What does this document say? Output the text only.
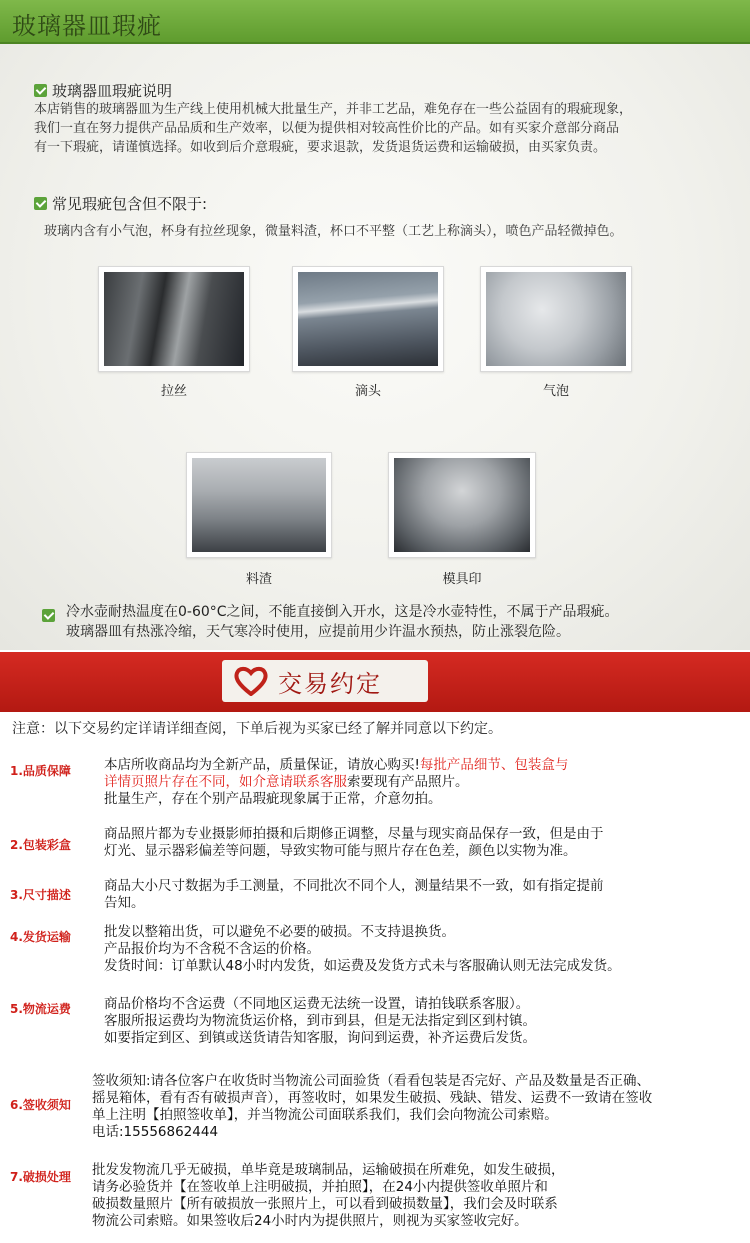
玻璃器皿瑕疵
玻璃器皿瑕疵说明
本店销售的玻璃器皿为生产线上使用机械大批量生产，并非工艺品，难免存在一些公益固有的瑕疵现象，
我们一直在努力提供产品品质和生产效率，以便为提供相对较高性价比的产品。如有买家介意部分商品
有一下瑕疵，请谨慎选择。如收到后介意瑕疵，要求退款，发货退货运费和运输破损，由买家负责。
常见瑕疵包含但不限于:
玻璃内含有小气泡，杯身有拉丝现象，微量料渣，杯口不平整（工艺上称滴头），喷色产品轻微掉色。
拉丝	滴头	气泡
料渣	模具印
冷水壶耐热温度在0-60°C之间，不能直接倒入开水，这是冷水壶特性，不属于产品瑕疵。
玻璃器皿有热涨冷缩，天气寒冷时使用，应提前用少许温水预热，防止涨裂危险。
交易约定
注意：以下交易约定详请详细查阅，下单后视为买家已经了解并同意以下约定。
1.品质保障 本店所收商品均为全新产品，质量保证，请放心购买!每批产品细节、包装盒与
详情页照片存在不同，如介意请联系客服索要现有产品照片。
批量生产，存在个别产品瑕疵现象属于正常，介意勿拍。
2.包装彩盒
商品照片都为专业摄影师拍摄和后期修正调整，尽量与现实商品保存一致，但是由于
灯光、显示器彩偏差等问题，导致实物可能与照片存在色差，颜色以实物为准。
3.尺寸描述
商品大小尺寸数据为手工测量，不同批次不同个人，测量结果不一致，如有指定提前
告知。
4.发货运输 批发以整箱出货，可以避免不必要的破损。不支持退换货。
产品报价均为不含税不含运的价格。
发货时间：订单默认48小时内发货，如运费及发货方式未与客服确认则无法完成发货。
5.物流运费 商品价格均不含运费（不同地区运费无法统一设置，请拍钱联系客服）。
客服所报运费均为物流货运价格，到市到县，但是无法指定到区到村镇。
如要指定到区、到镇或送货请告知客服，询问到运费，补齐运费后发货。
6.签收须知
签收须知:请各位客户在收货时当物流公司面验货（看看包装是否完好、产品及数量是否正确、
摇晃箱体，看有否有破损声音），再签收时，如果发生破损、残缺、错发、运费不一致请在签收
单上注明【拍照签收单】，并当物流公司面联系我们，我们会向物流公司索赔。
电话:15556862444
7.破损处理 批发发物流几乎无破损，单毕竟是玻璃制品，运输破损在所难免，如发生破损，
请务必验货并【在签收单上注明破损，并拍照】，在24小内提供签收单照片和
破损数量照片【所有破损放一张照片上，可以看到破损数量】，我们会及时联系
物流公司索赔。如果签收后24小时内为提供照片，则视为买家签收完好。
